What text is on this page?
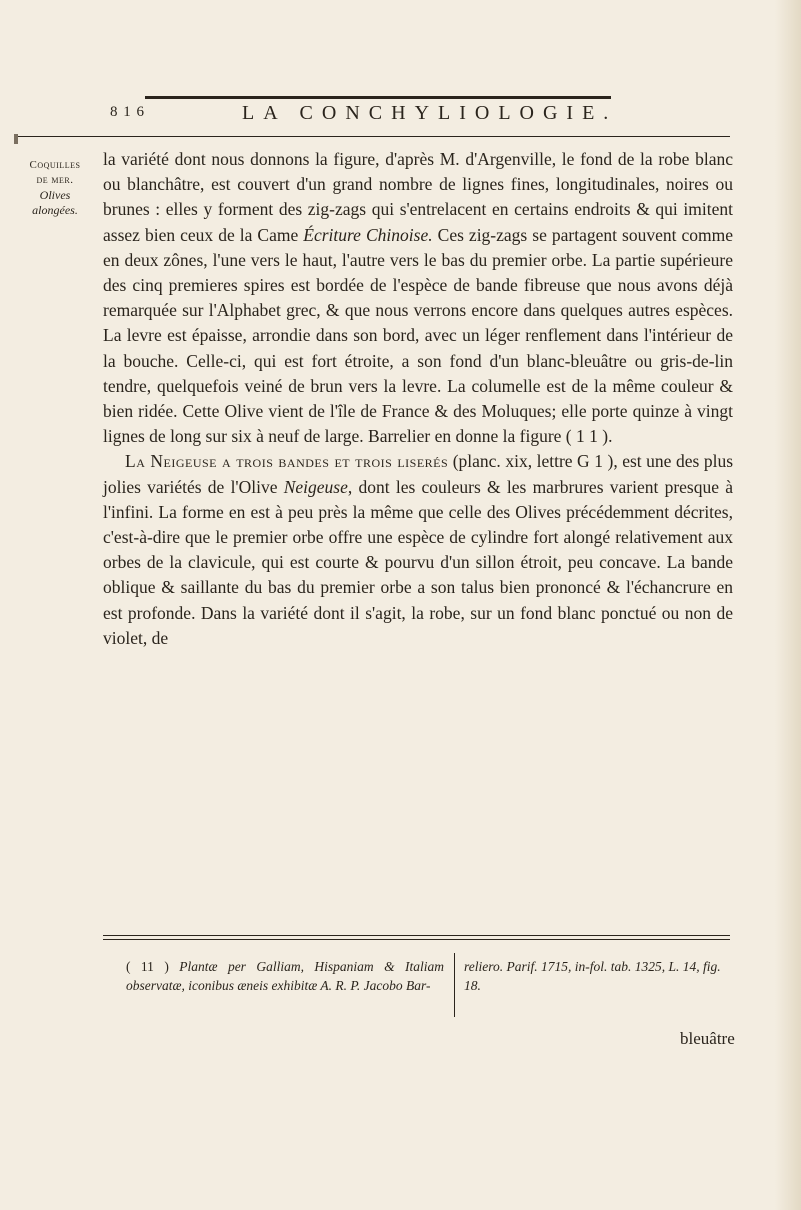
8 1 6	LA CONCHYLIOLOGIE.
Coquilles
de mer.
Olives
alongées.

la variété dont nous donnons la figure, d'après M. d'Argenville, le fond de la robe blanc ou blanchâtre, est couvert d'un grand nombre de lignes fines, longitudinales, noires ou brunes : elles y forment des zig-zags qui s'entrelacent en certains endroits & qui imitent assez bien ceux de la Came Écriture Chinoise. Ces zig-zags se partagent souvent comme en deux zônes, l'une vers le haut, l'autre vers le bas du premier orbe. La partie supérieure des cinq premieres spires est bordée de l'espèce de bande fibreuse que nous avons déjà remarquée sur l'Alphabet grec, & que nous verrons encore dans quelques autres espèces. La levre est épaisse, arrondie dans son bord, avec un léger renflement dans l'intérieur de la bouche. Celle-ci, qui est fort étroite, a son fond d'un blanc-bleuâtre ou gris-de-lin tendre, quelquefois veiné de brun vers la levre. La columelle est de la même couleur & bien ridée. Cette Olive vient de l'île de France & des Moluques; elle porte quinze à vingt lignes de long sur six à neuf de large. Barrelier en donne la figure ( 1 1 ).

La Neigeuse a trois bandes et trois liserés (planc. xix, lettre G 1 ), est une des plus jolies variétés de l'Olive Neigeuse, dont les couleurs & les marbrures varient presque à l'infini. La forme en est à peu près la même que celle des Olives précédemment décrites, c'est-à-dire que le premier orbe offre une espèce de cylindre fort alongé relativement aux orbes de la clavicule, qui est courte & pourvu d'un sillon étroit, peu concave. La bande oblique & saillante du bas du premier orbe a son talus bien prononcé & l'échancrure en est profonde. Dans la variété dont il s'agit, la robe, sur un fond blanc ponctué ou non de violet, de

( 11 ) Plantæ per Galliam, Hispaniam & Italiam observatæ, iconibus æneis exhibitæ A. R. P. Jacobo Bar-
reliero. Parif. 1715, in-fol. tab. 1325, L. 14, fig. 18.
bleuâtre
